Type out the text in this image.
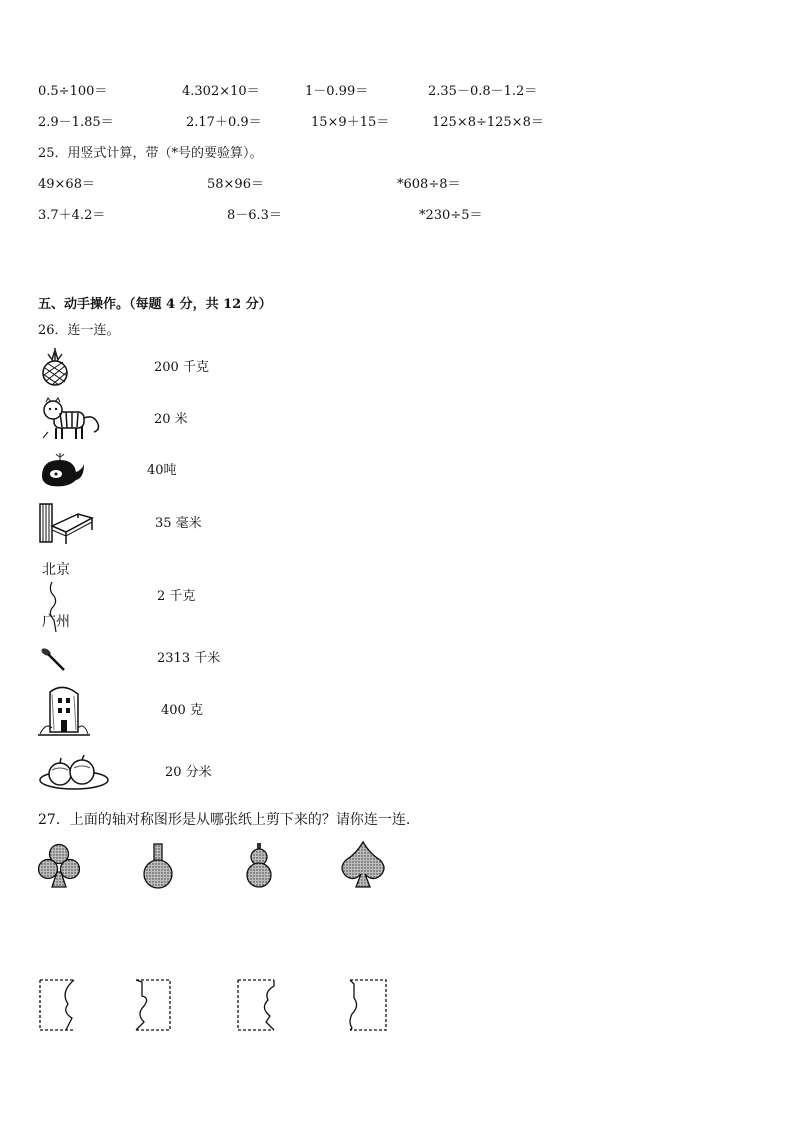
0.5÷100＝	4.302×10＝	1－0.99＝	2.35－0.8－1.2＝
2.9－1.85＝	2.17＋0.9＝	15×9＋15＝	125×8÷125×8＝
25．用竖式计算，带（*号的要验算）。
49×68＝	58×96＝	*608÷8＝
3.7＋4.2＝	8－6.3＝	*230÷5＝
五、动手操作。（每题 4 分，共 12 分）
26．连一连。
北京
广州
200 千克
20 米
40吨
35 毫米
2 千克
2313 千米
400 克
20 分米
27．上面的轴对称图形是从哪张纸上剪下来的？请你连一连.
